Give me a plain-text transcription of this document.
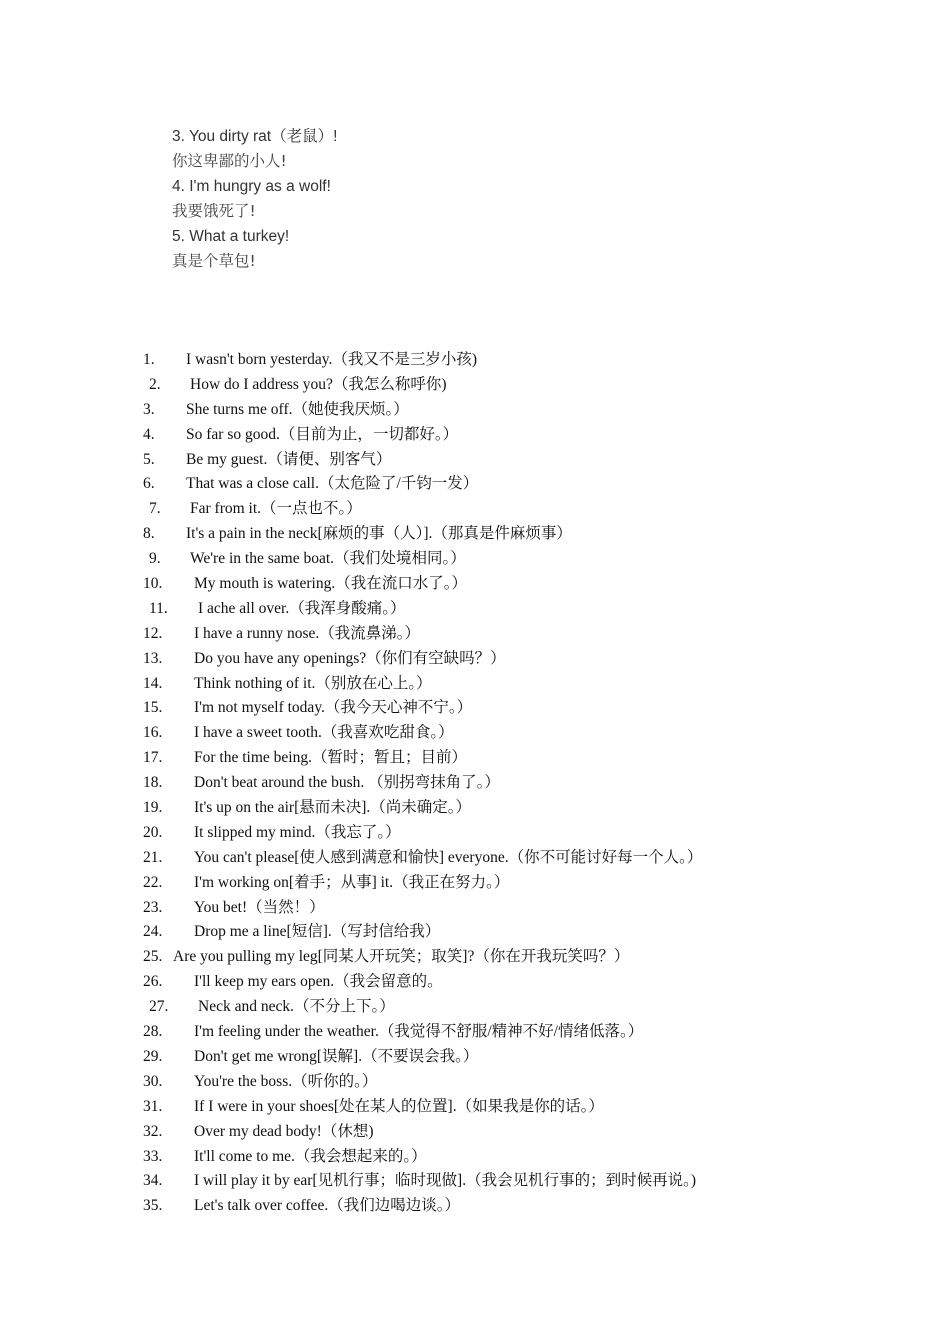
3. You dirty rat（老鼠）!
你这卑鄙的小人!
4. I'm hungry as a wolf!
我要饿死了!
5. What a turkey!
真是个草包!
1. I wasn't born yesterday.（我又不是三岁小孩)
2. How do I address you?（我怎么称呼你)
3. She turns me off.（她使我厌烦。）
4. So far so good.（目前为止，一切都好。）
5. Be my guest.（请便、别客气）
6. That was a close call.（太危险了/千钧一发）
7. Far from it.（一点也不。）
8. It's a pain in the neck[麻烦的事（人）].（那真是件麻烦事）
9. We're in the same boat.（我们处境相同。）
10. My mouth is watering.（我在流口水了。）
11. I ache all over.（我浑身酸痛。）
12. I have a runny nose.（我流鼻涕。）
13. Do you have any openings?（你们有空缺吗？）
14. Think nothing of it.（别放在心上。）
15. I'm not myself today.（我今天心神不宁。）
16. I have a sweet tooth.（我喜欢吃甜食。）
17. For the time being.（暂时；暂且；目前）
18. Don't beat around the bush. （别拐弯抹角了。）
19. It's up on the air[悬而未决].（尚未确定。）
20. It slipped my mind.（我忘了。）
21. You can't please[使人感到满意和愉快] everyone.（你不可能讨好每一个人。）
22. I'm working on[着手；从事] it.（我正在努力。）
23. You bet!（当然！）
24. Drop me a line[短信].（写封信给我）
25. Are you pulling my leg[同某人开玩笑；取笑]?（你在开我玩笑吗？）
26. I'll keep my ears open.（我会留意的。
27. Neck and neck.（不分上下。）
28. I'm feeling under the weather.（我觉得不舒服/精神不好/情绪低落。）
29. Don't get me wrong[误解].（不要误会我。）
30. You're the boss.（听你的。）
31. If I were in your shoes[处在某人的位置].（如果我是你的话。）
32. Over my dead body!（休想)
33. It'll come to me.（我会想起来的。）
34. I will play it by ear[见机行事；临时现做].（我会见机行事的；到时候再说。)
35. Let's talk over coffee.（我们边喝边谈。）
